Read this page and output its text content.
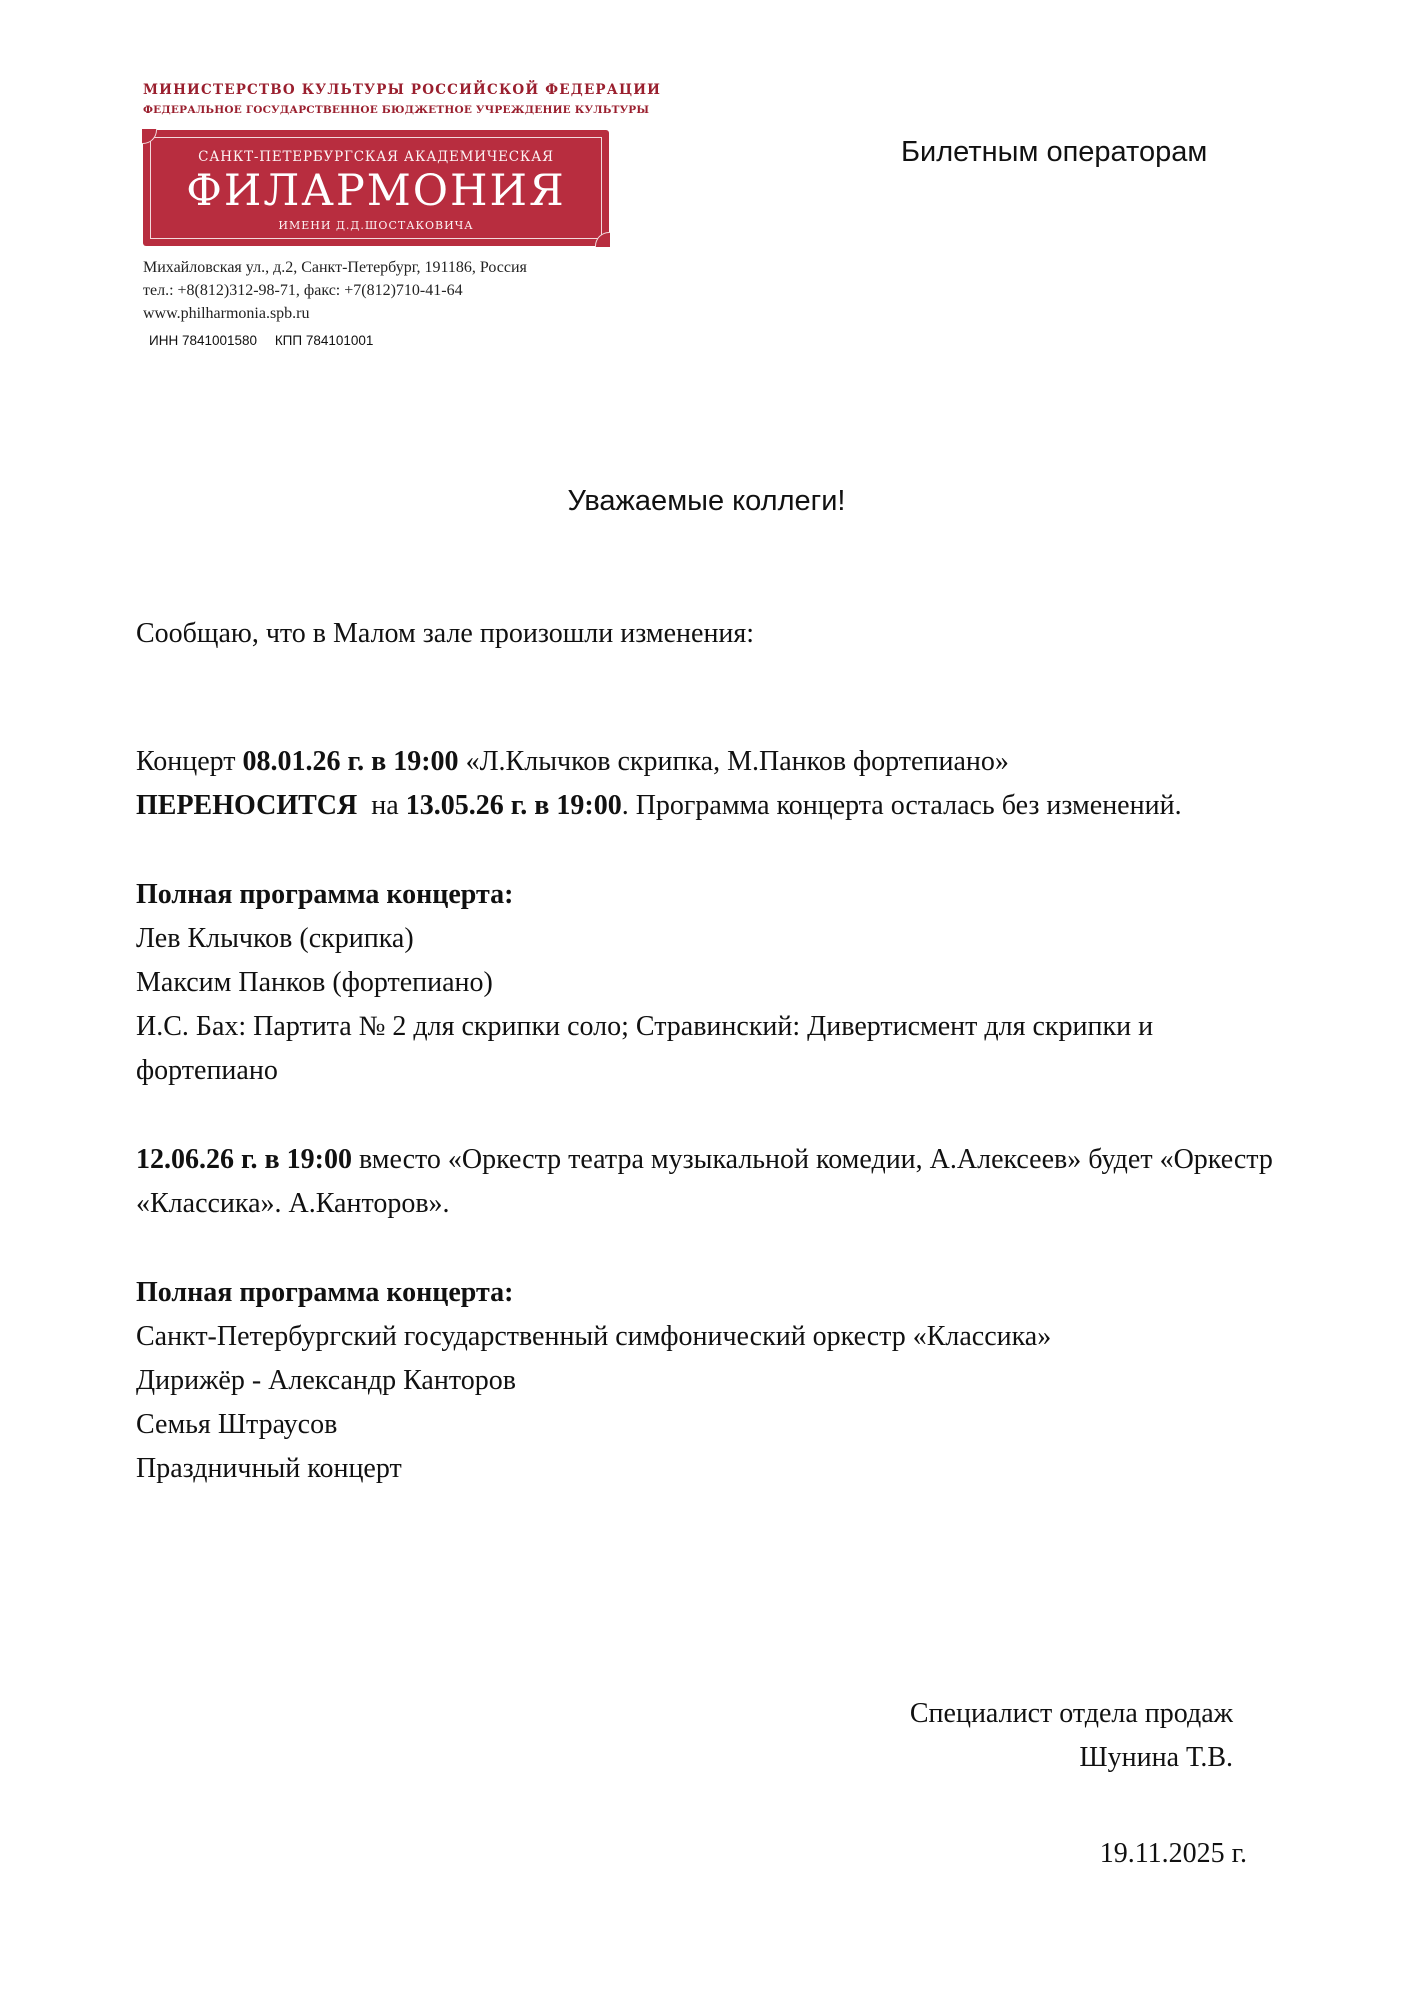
МИНИСТЕРСТВО КУЛЬТУРЫ РОССИЙСКОЙ ФЕДЕРАЦИИ
ФЕДЕРАЛЬНОЕ ГОСУДАРСТВЕННОЕ БЮДЖЕТНОЕ УЧРЕЖДЕНИЕ КУЛЬТУРЫ
САНКТ-ПЕТЕРБУРГСКАЯ АКАДЕМИЧЕСКАЯ
ФИЛАРМОНИЯ
ИМЕНИ Д.Д.ШОСТАКОВИЧА
Михайловская ул., д.2, Санкт-Петербург, 191186, Россия
тел.: +8(812)312-98-71, факс: +7(812)710-41-64
www.philharmonia.spb.ru
ИНН 7841001580 КПП 784101001
Билетным операторам
Уважаемые коллеги!

Сообщаю, что в Малом зале произошли изменения:

Концерт 08.01.26 г. в 19:00 «Л.Клычков скрипка, М.Панков фортепиано»
ПЕРЕНОСИТСЯ  на 13.05.26 г. в 19:00. Программа концерта осталась без изменений.

Полная программа концерта:

Лев Клычков (скрипка)

Максим Панков (фортепиано)

И.С. Бах: Партита № 2 для скрипки соло; Стравинский: Дивертисмент для скрипки и фортепиано

12.06.26 г. в 19:00 вместо «Оркестр театра музыкальной комедии, А.Алексеев» будет «Оркестр «Классика». А.Канторов».

Полная программа концерта:

Санкт-Петербургский государственный симфонический оркестр «Классика»

Дирижёр - Александр Канторов

Семья Штраусов

Праздничный концерт

Специалист отдела продаж
Шунина Т.В.
19.11.2025 г.
